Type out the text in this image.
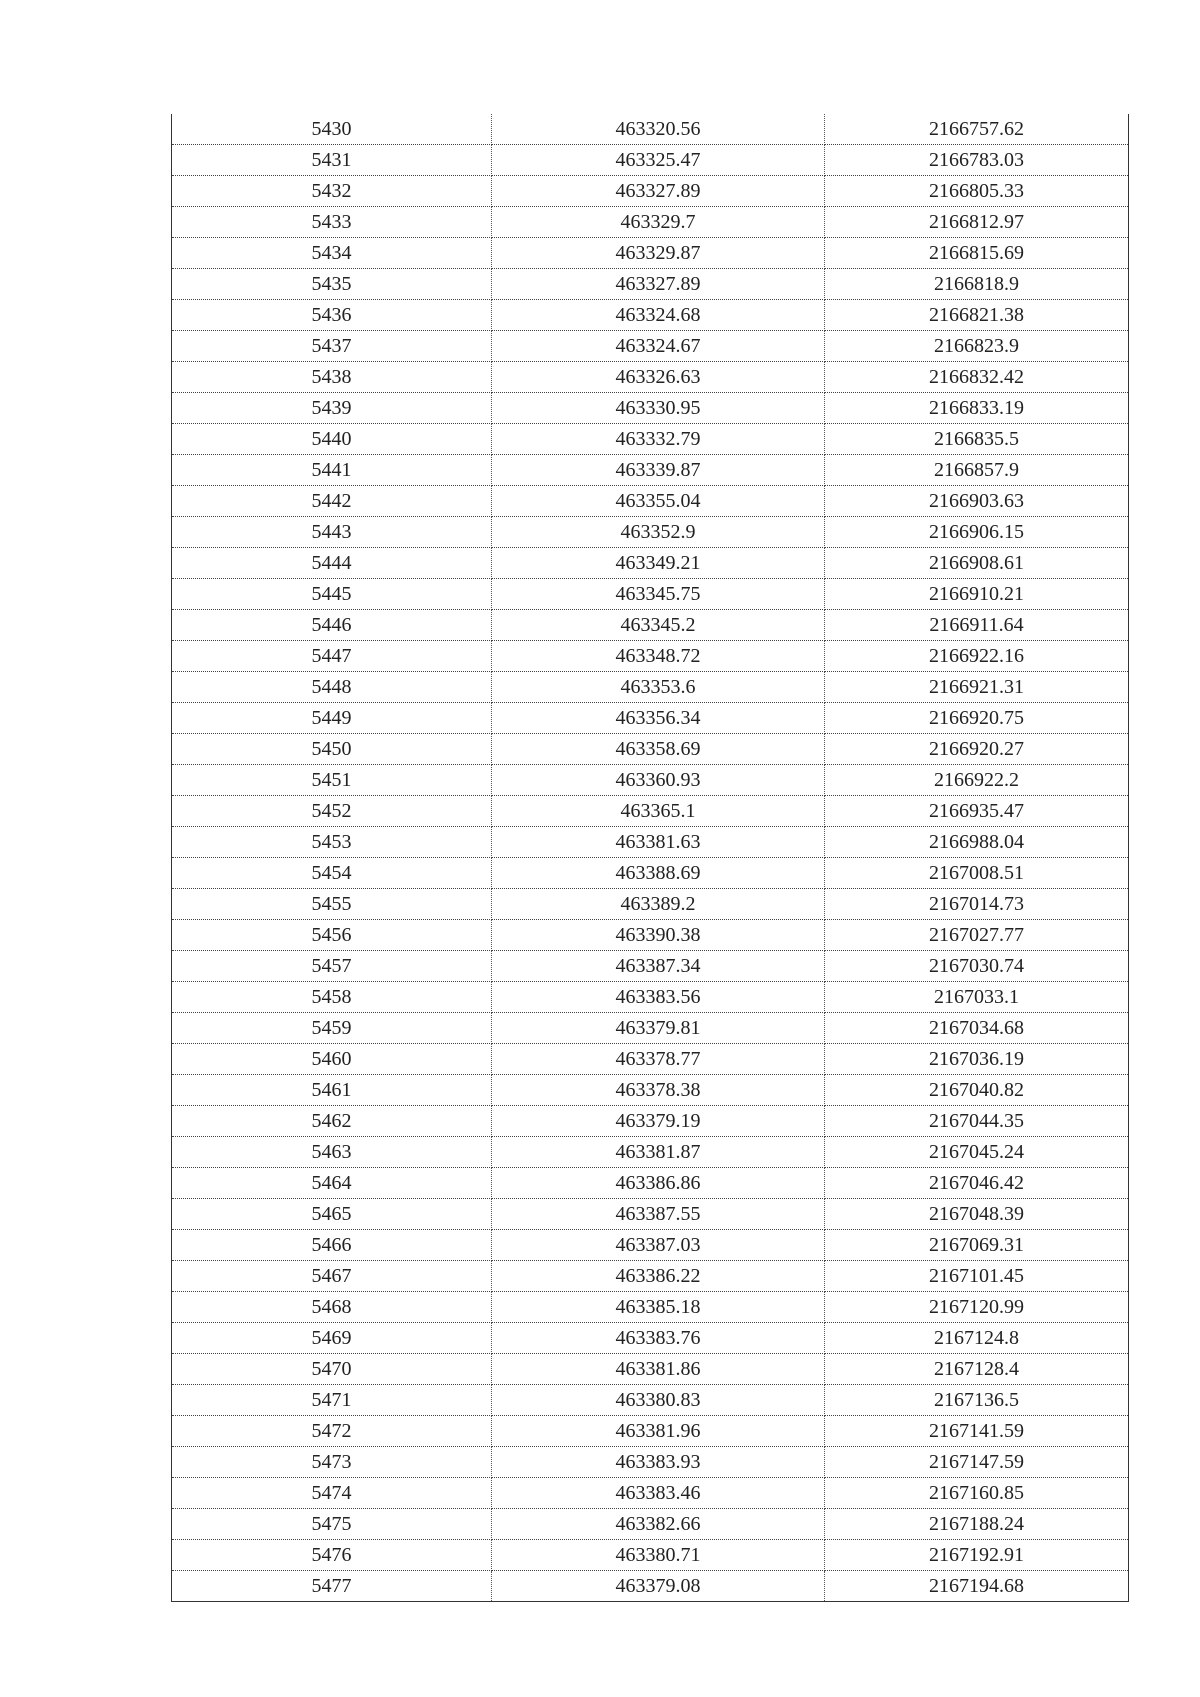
5430	463320.56	2166757.62
5431	463325.47	2166783.03
5432	463327.89	2166805.33
5433	463329.7	2166812.97
5434	463329.87	2166815.69
5435	463327.89	2166818.9
5436	463324.68	2166821.38
5437	463324.67	2166823.9
5438	463326.63	2166832.42
5439	463330.95	2166833.19
5440	463332.79	2166835.5
5441	463339.87	2166857.9
5442	463355.04	2166903.63
5443	463352.9	2166906.15
5444	463349.21	2166908.61
5445	463345.75	2166910.21
5446	463345.2	2166911.64
5447	463348.72	2166922.16
5448	463353.6	2166921.31
5449	463356.34	2166920.75
5450	463358.69	2166920.27
5451	463360.93	2166922.2
5452	463365.1	2166935.47
5453	463381.63	2166988.04
5454	463388.69	2167008.51
5455	463389.2	2167014.73
5456	463390.38	2167027.77
5457	463387.34	2167030.74
5458	463383.56	2167033.1
5459	463379.81	2167034.68
5460	463378.77	2167036.19
5461	463378.38	2167040.82
5462	463379.19	2167044.35
5463	463381.87	2167045.24
5464	463386.86	2167046.42
5465	463387.55	2167048.39
5466	463387.03	2167069.31
5467	463386.22	2167101.45
5468	463385.18	2167120.99
5469	463383.76	2167124.8
5470	463381.86	2167128.4
5471	463380.83	2167136.5
5472	463381.96	2167141.59
5473	463383.93	2167147.59
5474	463383.46	2167160.85
5475	463382.66	2167188.24
5476	463380.71	2167192.91
5477	463379.08	2167194.68
